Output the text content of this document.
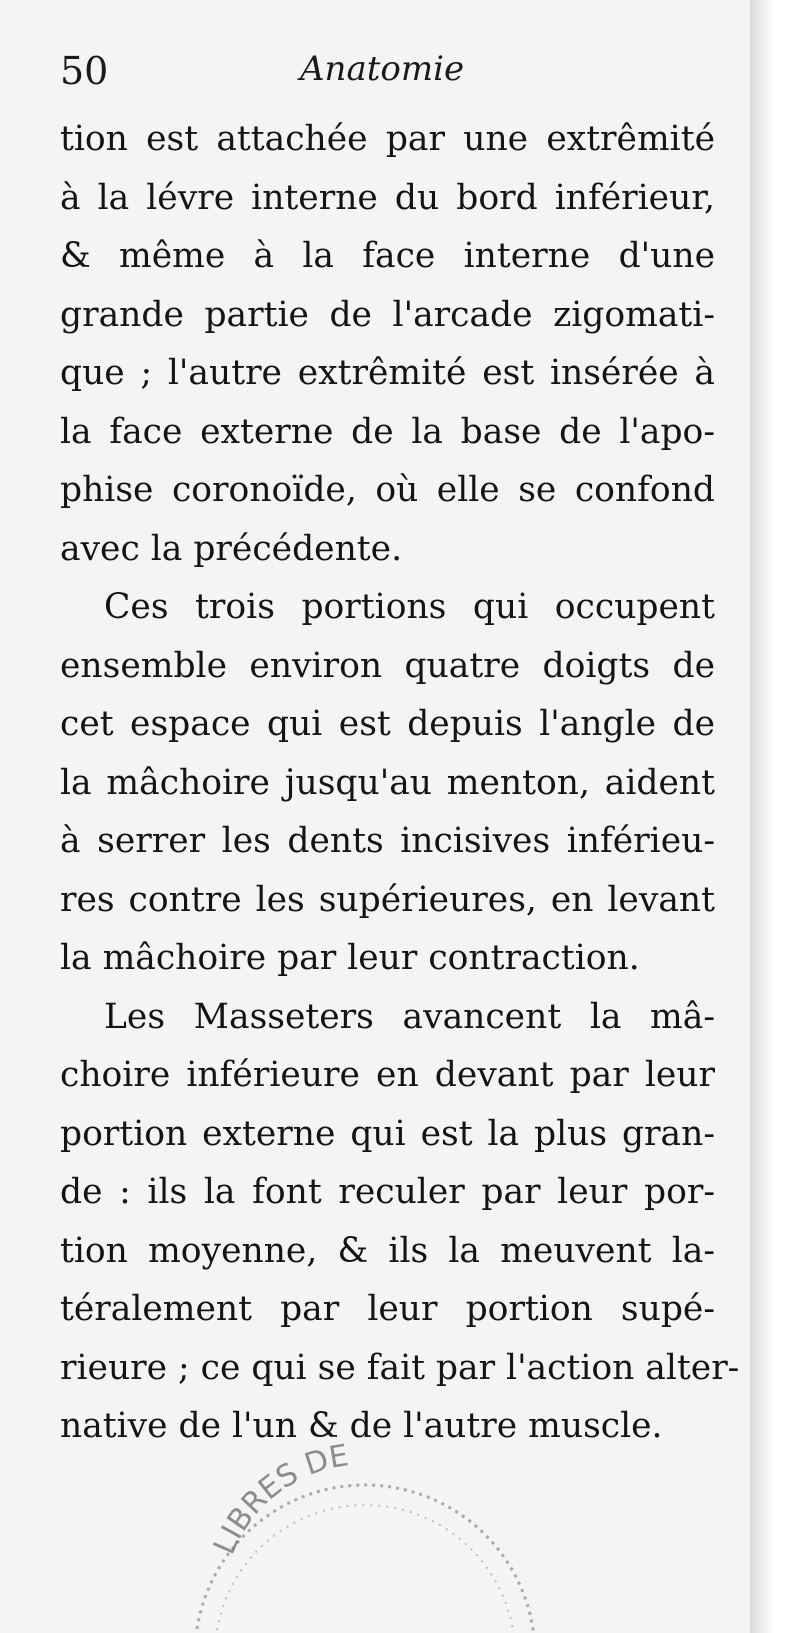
50	Anatomie
tion est attachée par une extrêmité
à la lévre interne du bord inférieur,
& même à la face interne d'une
grande partie de l'arcade zigomati-
que ; l'autre extrêmité est insérée à
la face externe de la base de l'apo-
phise coronoïde, où elle se confond
avec la précédente.
Ces trois portions qui occupent
ensemble environ quatre doigts de
cet espace qui est depuis l'angle de
la mâchoire jusqu'au menton, aident
à serrer les dents incisives inférieu-
res contre les supérieures, en levant
la mâchoire par leur contraction.
Les Masseters avancent la mâ-
choire inférieure en devant par leur
portion externe qui est la plus gran-
de : ils la font reculer par leur por-
tion moyenne, & ils la meuvent la-
téralement par leur portion supé-
rieure ; ce qui se fait par l'action alter-
native de l'un & de l'autre muscle.
LIBRES DE
